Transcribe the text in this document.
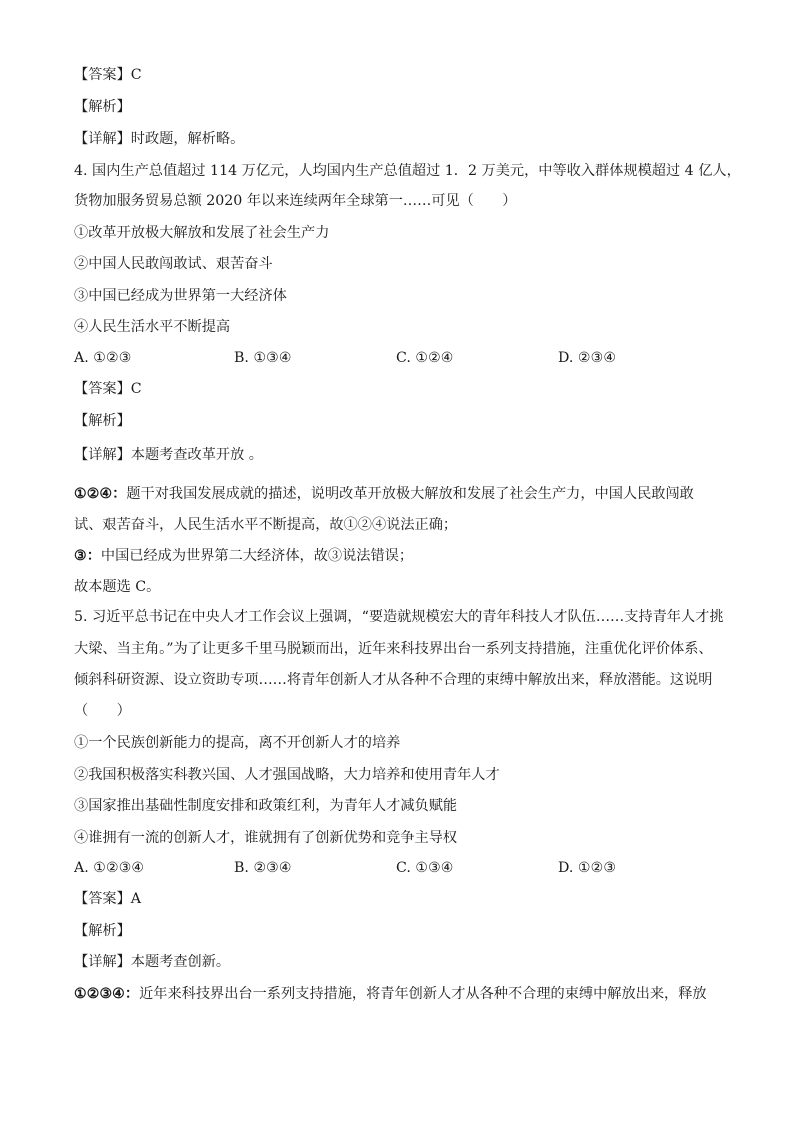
【答案】C
【解析】
【详解】时政题，解析略。
4. 国内生产总值超过 114 万亿元，人均国内生产总值超过 1．2 万美元，中等收入群体规模超过 4 亿人，
货物加服务贸易总额 2020 年以来连续两年全球第一……可见（　　）
①改革开放极大解放和发展了社会生产力
②中国人民敢闯敢试、艰苦奋斗
③中国已经成为世界第一大经济体
④人民生活水平不断提高
A. ①②③	B. ①③④	C. ①②④	D. ②③④
【答案】C
【解析】
【详解】本题考查改革开放 。
①②④：题干对我国发展成就的描述，说明改革开放极大解放和发展了社会生产力，中国人民敢闯敢
试、艰苦奋斗，人民生活水平不断提高，故①②④说法正确；
③：中国已经成为世界第二大经济体，故③说法错误；
故本题选 C。
5. 习近平总书记在中央人才工作会议上强调，“要造就规模宏大的青年科技人才队伍……支持青年人才挑
大梁、当主角。”为了让更多千里马脱颖而出，近年来科技界出台一系列支持措施，注重优化评价体系、
倾斜科研资源、设立资助专项……将青年创新人才从各种不合理的束缚中解放出来，释放潜能。这说明
（　　）
①一个民族创新能力的提高，离不开创新人才的培养
②我国积极落实科教兴国、人才强国战略，大力培养和使用青年人才
③国家推出基础性制度安排和政策红利，为青年人才减负赋能
④谁拥有一流的创新人才，谁就拥有了创新优势和竞争主导权
A. ①②③④	B. ②③④	C. ①③④	D. ①②③
【答案】A
【解析】
【详解】本题考查创新。
①②③④：近年来科技界出台一系列支持措施，将青年创新人才从各种不合理的束缚中解放出来，释放
